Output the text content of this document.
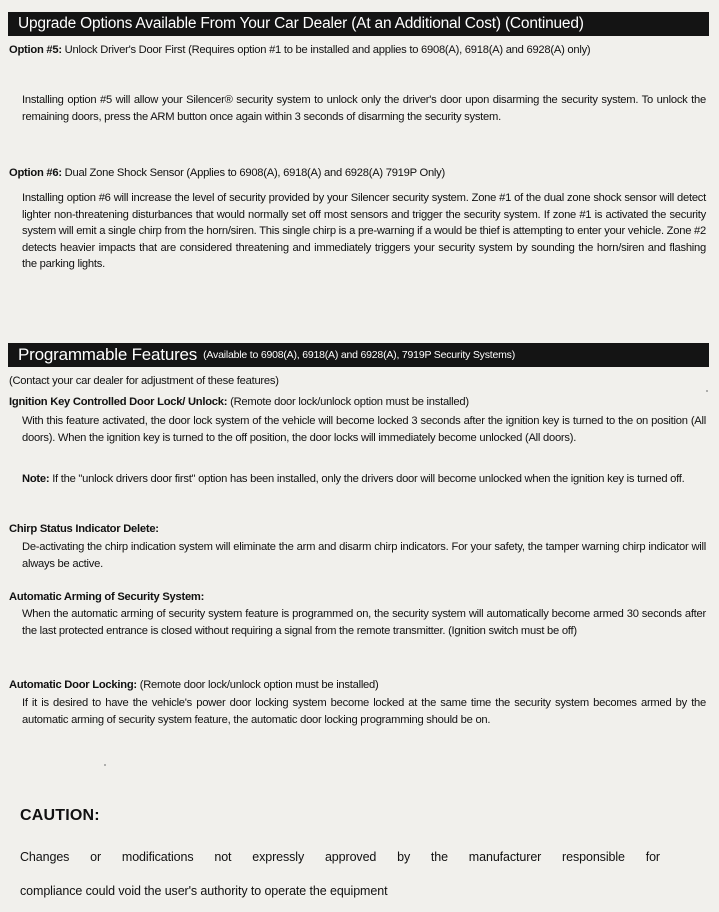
Upgrade Options Available From Your Car Dealer (At an Additional Cost) (Continued)
Option #5: Unlock Driver's Door First (Requires option #1 to be installed and applies to 6908(A), 6918(A) and 6928(A) only)
Installing option #5 will allow your Silencer® security system to unlock only the driver's door upon disarming the security system. To unlock the remaining doors, press the ARM button once again within 3 seconds of disarming the security system.
Option #6: Dual Zone Shock Sensor (Applies to 6908(A), 6918(A) and 6928(A) 7919P Only)
Installing option #6 will increase the level of security provided by your Silencer security system. Zone #1 of the dual zone shock sensor will detect lighter non-threatening disturbances that would normally set off most sensors and trigger the security system. If zone #1 is activated the security system will emit a single chirp from the horn/siren. This single chirp is a pre-warning if a would be thief is attempting to enter your vehicle. Zone #2 detects heavier impacts that are considered threatening and immediately triggers your security system by sounding the horn/siren and flashing the parking lights.
Programmable Features (Available to 6908(A), 6918(A) and 6928(A), 7919P Security Systems)
(Contact your car dealer for adjustment of these features)
Ignition Key Controlled Door Lock/ Unlock: (Remote door lock/unlock option must be installed)
With this feature activated, the door lock system of the vehicle will become locked 3 seconds after the ignition key is turned to the on position (All doors). When the ignition key is turned to the off position, the door locks will immediately become unlocked (All doors).
Note: If the "unlock drivers door first" option has been installed, only the drivers door will become unlocked when the ignition key is turned off.
Chirp Status Indicator Delete:
De-activating the chirp indication system will eliminate the arm and disarm chirp indicators. For your safety, the tamper warning chirp indicator will always be active.
Automatic Arming of Security System:
When the automatic arming of security system feature is programmed on, the security system will automatically become armed 30 seconds after the last protected entrance is closed without requiring a signal from the remote transmitter. (Ignition switch must be off)
Automatic Door Locking: (Remote door lock/unlock option must be installed)
If it is desired to have the vehicle's power door locking system become locked at the same time the security system becomes armed by the automatic arming of security system feature, the automatic door locking programming should be on.
CAUTION:
Changes or modifications not expressly approved by the manufacturer responsible for
compliance could void the user's authority to operate the equipment
